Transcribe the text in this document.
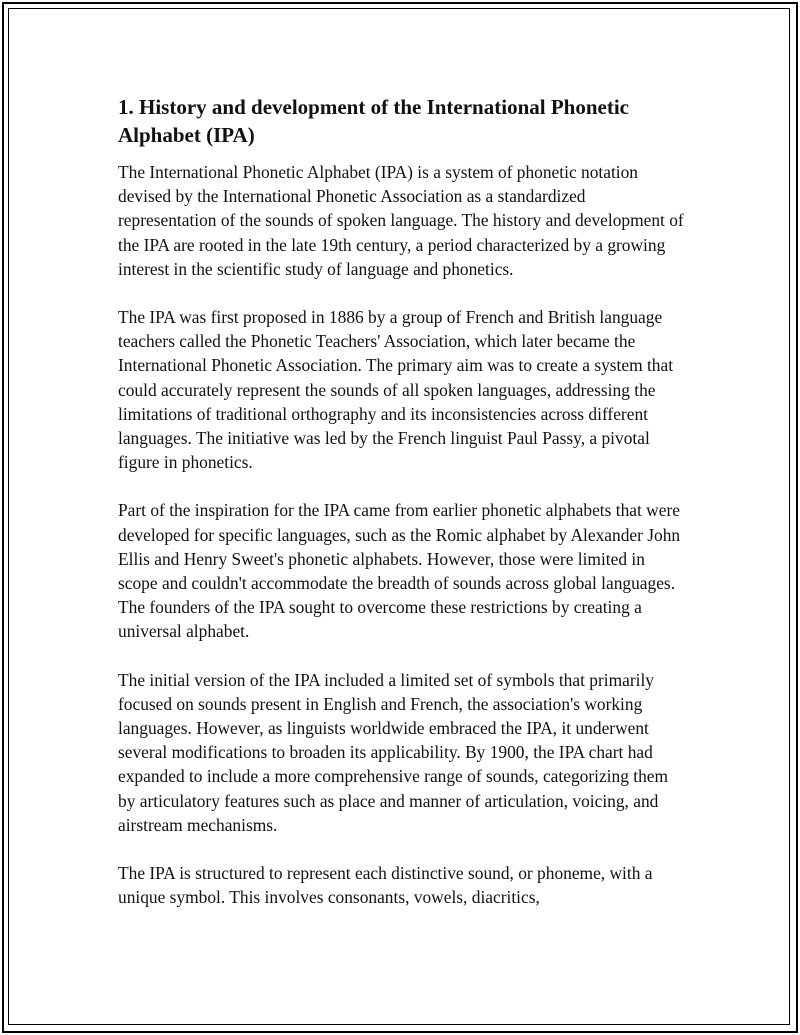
1. History and development of the International Phonetic Alphabet (IPA)

The International Phonetic Alphabet (IPA) is a system of phonetic notation devised by the International Phonetic Association as a standardized representation of the sounds of spoken language. The history and development of the IPA are rooted in the late 19th century, a period characterized by a growing interest in the scientific study of language and phonetics.

The IPA was first proposed in 1886 by a group of French and British language teachers called the Phonetic Teachers' Association, which later became the International Phonetic Association. The primary aim was to create a system that could accurately represent the sounds of all spoken languages, addressing the limitations of traditional orthography and its inconsistencies across different languages. The initiative was led by the French linguist Paul Passy, a pivotal figure in phonetics.

Part of the inspiration for the IPA came from earlier phonetic alphabets that were developed for specific languages, such as the Romic alphabet by Alexander John Ellis and Henry Sweet's phonetic alphabets. However, those were limited in scope and couldn't accommodate the breadth of sounds across global languages. The founders of the IPA sought to overcome these restrictions by creating a universal alphabet.

The initial version of the IPA included a limited set of symbols that primarily focused on sounds present in English and French, the association's working languages. However, as linguists worldwide embraced the IPA, it underwent several modifications to broaden its applicability. By 1900, the IPA chart had expanded to include a more comprehensive range of sounds, categorizing them by articulatory features such as place and manner of articulation, voicing, and airstream mechanisms.

The IPA is structured to represent each distinctive sound, or phoneme, with a unique symbol. This involves consonants, vowels, diacritics,
